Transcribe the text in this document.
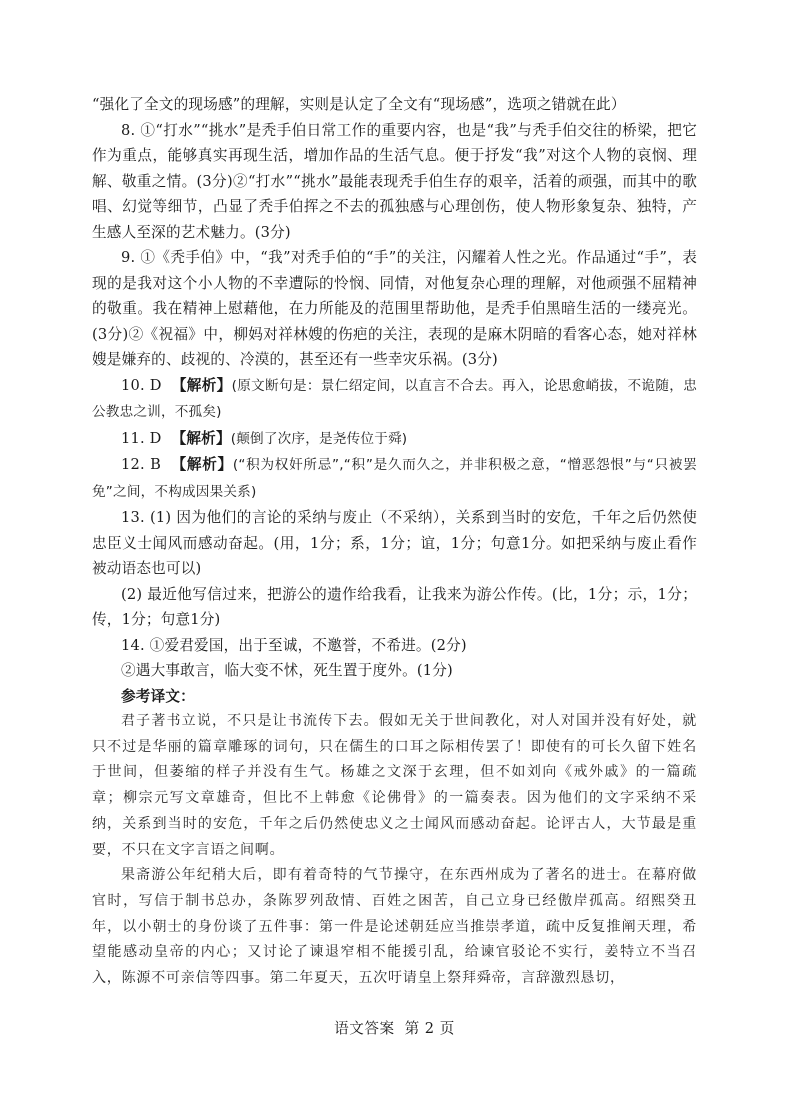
“强化了全文的现场感”的理解，实则是认定了全文有“现场感”，选项之错就在此）

8. ①“打水”“挑水”是秃手伯日常工作的重要内容，也是“我”与秃手伯交往的桥梁，把它作为重点，能够真实再现生活，增加作品的生活气息。便于抒发“我”对这个人物的哀悯、理解、敬重之情。(3分)②“打水”“挑水”最能表现秃手伯生存的艰辛，活着的顽强，而其中的歌唱、幻觉等细节，凸显了秃手伯挥之不去的孤独感与心理创伤，使人物形象复杂、独特，产生感人至深的艺术魅力。(3分)

9. ①《秃手伯》中，“我”对秃手伯的“手”的关注，闪耀着人性之光。作品通过“手”，表现的是我对这个小人物的不幸遭际的怜悯、同情，对他复杂心理的理解，对他顽强不屈精神的敬重。我在精神上慰藉他，在力所能及的范围里帮助他，是秃手伯黑暗生活的一缕亮光。(3分)②《祝福》中，柳妈对祥林嫂的伤疤的关注，表现的是麻木阴暗的看客心态，她对祥林嫂是嫌弃的、歧视的、冷漠的，甚至还有一些幸灾乐祸。(3分)

10. D 【解析】(原文断句是：景仁绍定间，以直言不合去。再入，论思愈峭拔，不诡随，忠公教忠之训，不孤矣)

11. D 【解析】(颠倒了次序，是尧传位于舜)

12. B 【解析】(“积为权奸所忌”,“积”是久而久之，并非积极之意，“憎恶怨恨”与“只被罢免”之间，不构成因果关系)

13. (1) 因为他们的言论的采纳与废止（不采纳），关系到当时的安危，千年之后仍然使忠臣义士闻风而感动奋起。(用，1分；系，1分；谊，1分；句意1分。如把采纳与废止看作被动语态也可以)

(2) 最近他写信过来，把游公的遗作给我看，让我来为游公作传。(比，1分；示，1分；传，1分；句意1分)

14. ①爱君爱国，出于至诚，不邀誉，不希进。(2分)

②遇大事敢言，临大变不怵，死生置于度外。(1分)

参考译文：

君子著书立说，不只是让书流传下去。假如无关于世间教化，对人对国并没有好处，就只不过是华丽的篇章雕琢的词句，只在儒生的口耳之际相传罢了！即使有的可长久留下姓名于世间，但萎缩的样子并没有生气。杨雄之文深于玄理，但不如刘向《戒外戚》的一篇疏章；柳宗元写文章雄奇，但比不上韩愈《论佛骨》的一篇奏表。因为他们的文字采纳不采纳，关系到当时的安危，千年之后仍然使忠义之士闻风而感动奋起。论评古人，大节最是重要，不只在文字言语之间啊。

果斋游公年纪稍大后，即有着奇特的气节操守，在东西州成为了著名的进士。在幕府做官时，写信于制书总办，条陈罗列敌情、百姓之困苦，自己立身已经傲岸孤高。绍熙癸丑年，以小朝士的身份谈了五件事：第一件是论述朝廷应当推崇孝道，疏中反复推阐天理，希望能感动皇帝的内心；又讨论了谏退窄相不能援引乱，给谏官驳论不实行，姜特立不当召入，陈源不可亲信等四事。第二年夏天，五次吁请皇上祭拜舜帝，言辞激烈恳切，

语文答案 第 2 页
